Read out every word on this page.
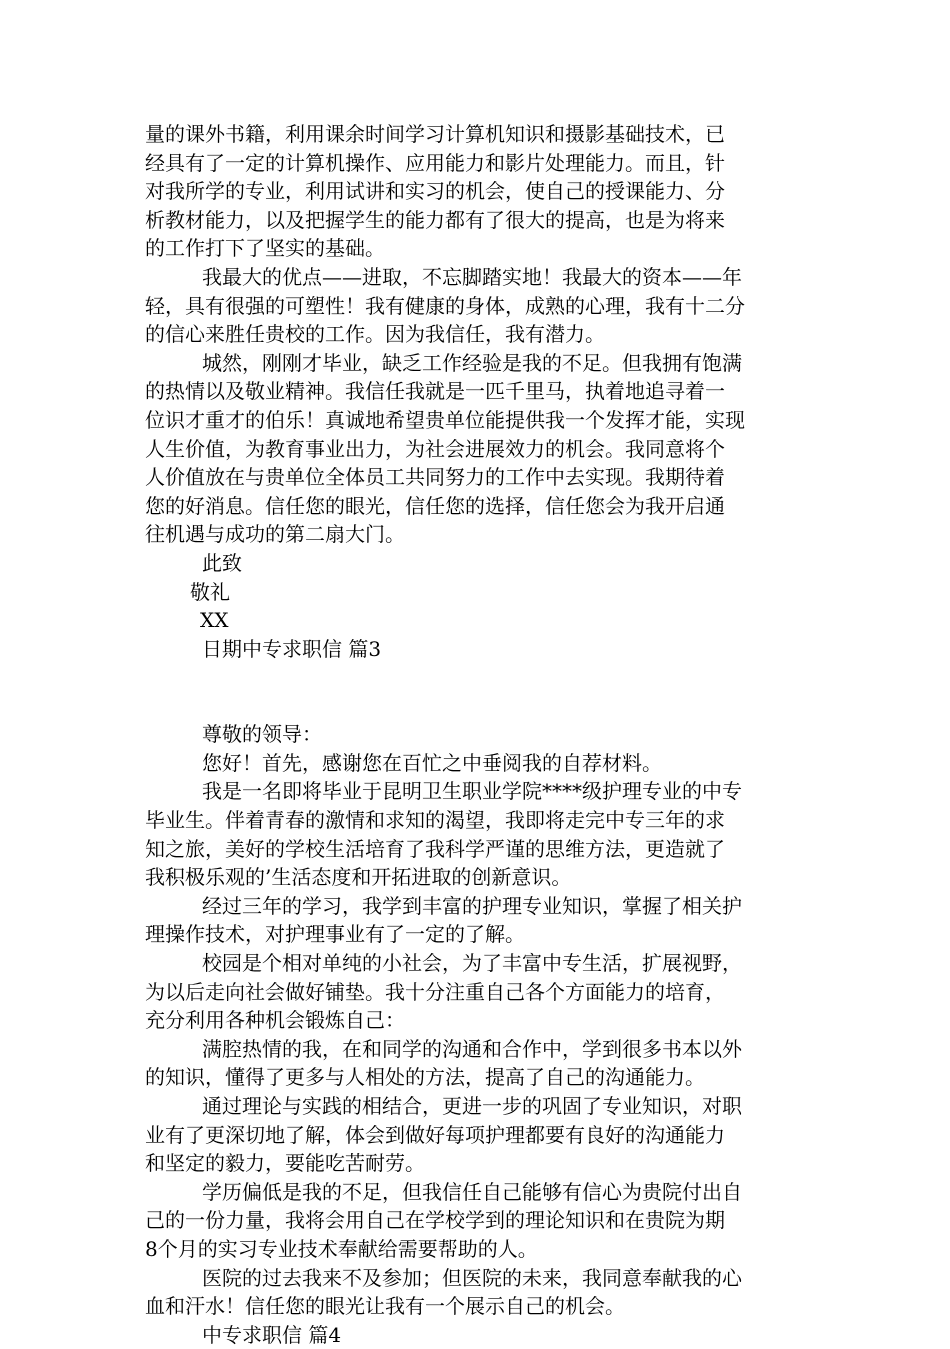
量的课外书籍，利用课余时间学习计算机知识和摄影基础技术，已
经具有了一定的计算机操作、应用能力和影片处理能力。而且，针
对我所学的专业，利用试讲和实习的机会，使自己的授课能力、分
析教材能力，以及把握学生的能力都有了很大的提高，也是为将来
的工作打下了坚实的基础。
我最大的优点——进取，不忘脚踏实地！我最大的资本——年
轻，具有很强的可塑性！我有健康的身体，成熟的心理，我有十二分
的信心来胜任贵校的工作。因为我信任，我有潜力。
城然，刚刚才毕业，缺乏工作经验是我的不足。但我拥有饱满
的热情以及敬业精神。我信任我就是一匹千里马，执着地追寻着一
位识才重才的伯乐！真诚地希望贵单位能提供我一个发挥才能，实现
人生价值，为教育事业出力，为社会进展效力的机会。我同意将个
人价值放在与贵单位全体员工共同努力的工作中去实现。我期待着
您的好消息。信任您的眼光，信任您的选择，信任您会为我开启通
往机遇与成功的第二扇大门。
此致
敬礼
XX
日期中专求职信 篇3
尊敬的领导：
您好！首先，感谢您在百忙之中垂阅我的自荐材料。
我是一名即将毕业于昆明卫生职业学院****级护理专业的中专
毕业生。伴着青春的激情和求知的渴望，我即将走完中专三年的求
知之旅，美好的学校生活培育了我科学严谨的思维方法，更造就了
我积极乐观的’生活态度和开拓进取的创新意识。
经过三年的学习，我学到丰富的护理专业知识，掌握了相关护
理操作技术，对护理事业有了一定的了解。
校园是个相对单纯的小社会，为了丰富中专生活，扩展视野，
为以后走向社会做好铺垫。我十分注重自己各个方面能力的培育，
充分利用各种机会锻炼自己：
满腔热情的我，在和同学的沟通和合作中，学到很多书本以外
的知识，懂得了更多与人相处的方法，提高了自己的沟通能力。
通过理论与实践的相结合，更进一步的巩固了专业知识，对职
业有了更深切地了解，体会到做好每项护理都要有良好的沟通能力
和坚定的毅力，要能吃苦耐劳。
学历偏低是我的不足，但我信任自己能够有信心为贵院付出自
己的一份力量，我将会用自己在学校学到的理论知识和在贵院为期
8个月的实习专业技术奉献给需要帮助的人。
医院的过去我来不及参加；但医院的未来，我同意奉献我的心
血和汗水！信任您的眼光让我有一个展示自己的机会。
中专求职信 篇4
